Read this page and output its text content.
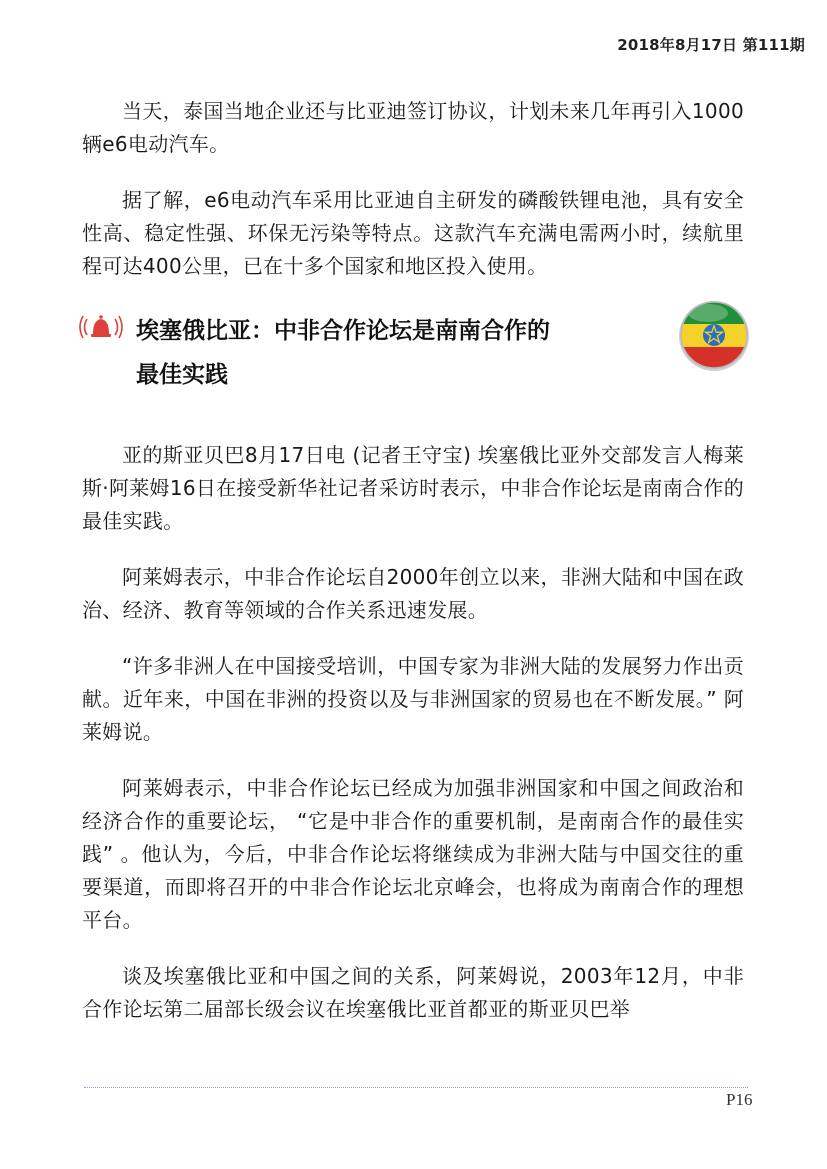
2018年8月17日 第111期

当天，泰国当地企业还与比亚迪签订协议，计划未来几年再引入1000辆e6电动汽车。

据了解，e6电动汽车采用比亚迪自主研发的磷酸铁锂电池，具有安全性高、稳定性强、环保无污染等特点。这款汽车充满电需两小时，续航里程可达400公里，已在十多个国家和地区投入使用。

埃塞俄比亚：中非合作论坛是南南合作的
最佳实践

亚的斯亚贝巴8月17日电 (记者王守宝) 埃塞俄比亚外交部发言人梅莱斯·阿莱姆16日在接受新华社记者采访时表示，中非合作论坛是南南合作的最佳实践。

阿莱姆表示，中非合作论坛自2000年创立以来，非洲大陆和中国在政治、经济、教育等领域的合作关系迅速发展。

“许多非洲人在中国接受培训，中国专家为非洲大陆的发展努力作出贡献。近年来，中国在非洲的投资以及与非洲国家的贸易也在不断发展。” 阿莱姆说。

阿莱姆表示，中非合作论坛已经成为加强非洲国家和中国之间政治和经济合作的重要论坛， “它是中非合作的重要机制，是南南合作的最佳实践” 。他认为，今后，中非合作论坛将继续成为非洲大陆与中国交往的重要渠道，而即将召开的中非合作论坛北京峰会，也将成为南南合作的理想平台。

谈及埃塞俄比亚和中国之间的关系，阿莱姆说，2003年12月，中非合作论坛第二届部长级会议在埃塞俄比亚首都亚的斯亚贝巴举

P16
